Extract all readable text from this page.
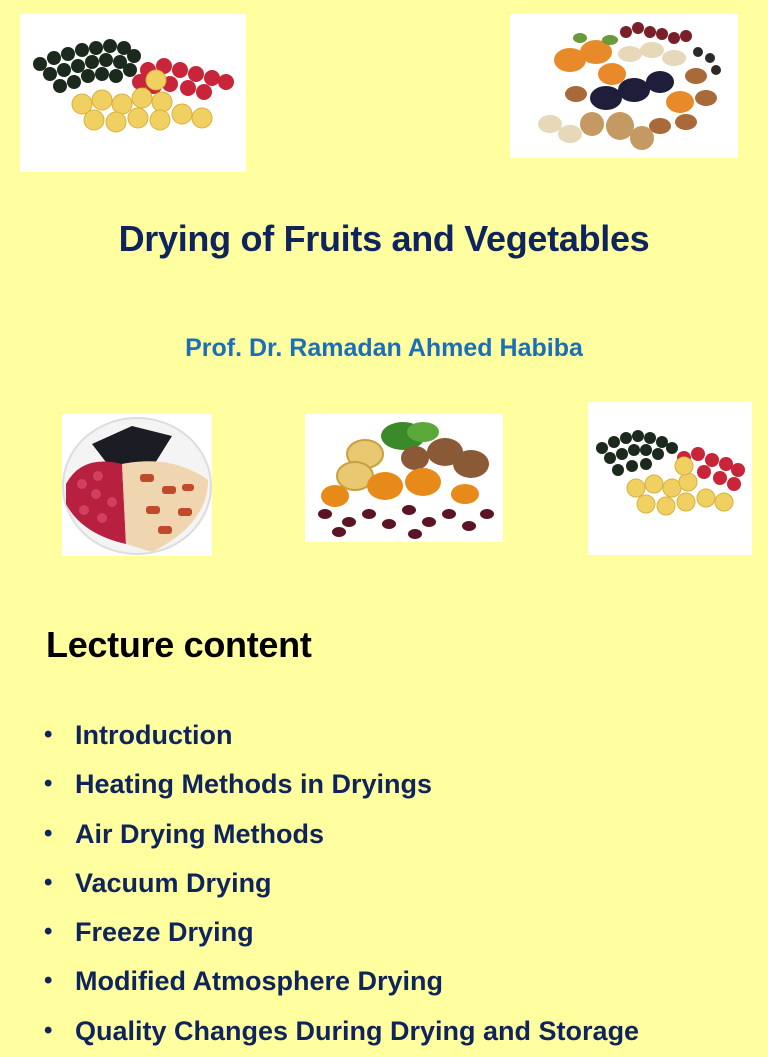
Drying of Fruits and Vegetables
Prof. Dr. Ramadan Ahmed Habiba
Lecture content
• Introduction
• Heating Methods in Dryings
• Air Drying Methods
• Vacuum Drying
• Freeze Drying
• Modified Atmosphere Drying
• Quality Changes During Drying and Storage
